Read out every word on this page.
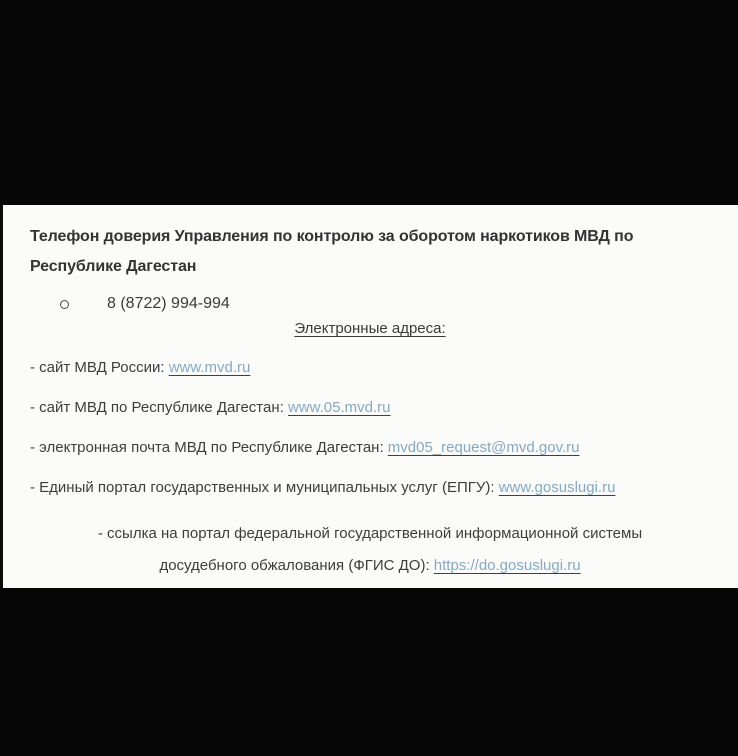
Телефон доверия Управления по контролю за оборотом наркотиков МВД по Республике Дагестан
8 (8722) 994-994
Электронные адреса:
- сайт МВД России: www.mvd.ru
- сайт МВД по Республике Дагестан: www.05.mvd.ru
- электронная почта МВД по Республике Дагестан: mvd05_request@mvd.gov.ru
- Единый портал государственных и муниципальных услуг (ЕПГУ): www.gosuslugi.ru
- ссылка на портал федеральной государственной информационной системы
досудебного обжалования (ФГИС ДО): https://do.gosuslugi.ru
